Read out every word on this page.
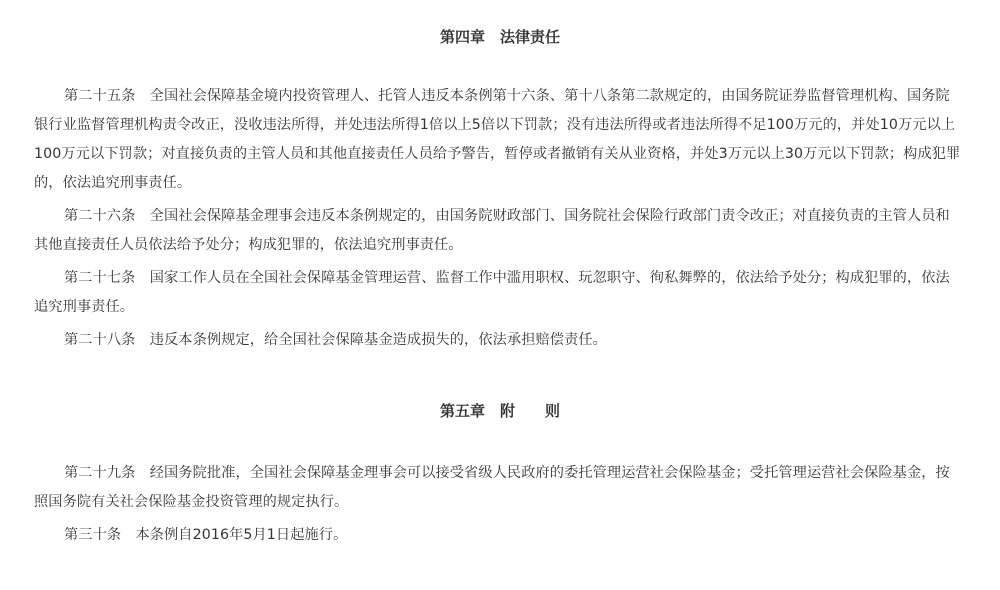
第四章　法律责任

第二十五条　全国社会保障基金境内投资管理人、托管人违反本条例第十六条、第十八条第二款规定的，由国务院证券监督管理机构、国务院银行业监督管理机构责令改正，没收违法所得，并处违法所得1倍以上5倍以下罚款；没有违法所得或者违法所得不足100万元的，并处10万元以上100万元以下罚款；对直接负责的主管人员和其他直接责任人员给予警告，暂停或者撤销有关从业资格，并处3万元以上30万元以下罚款；构成犯罪的，依法追究刑事责任。

第二十六条　全国社会保障基金理事会违反本条例规定的，由国务院财政部门、国务院社会保险行政部门责令改正；对直接负责的主管人员和其他直接责任人员依法给予处分；构成犯罪的，依法追究刑事责任。

第二十七条　国家工作人员在全国社会保障基金管理运营、监督工作中滥用职权、玩忽职守、徇私舞弊的，依法给予处分；构成犯罪的，依法追究刑事责任。

第二十八条　违反本条例规定，给全国社会保障基金造成损失的，依法承担赔偿责任。

第五章　附　　则

第二十九条　经国务院批准，全国社会保障基金理事会可以接受省级人民政府的委托管理运营社会保险基金；受托管理运营社会保险基金，按照国务院有关社会保险基金投资管理的规定执行。

第三十条　本条例自2016年5月1日起施行。
